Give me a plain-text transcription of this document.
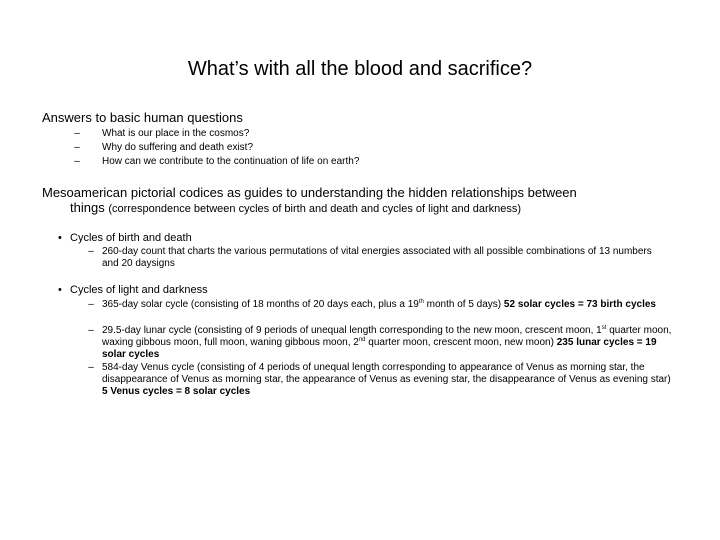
What’s with all the blood and sacrifice?
Answers to basic human questions
– What is our place in the cosmos?
– Why do suffering and death exist?
– How can we contribute to the continuation of life on earth?
Mesoamerican pictorial codices as guides to understanding the hidden relationships between
things (correspondence between cycles of birth and death and cycles of light and darkness)
• Cycles of birth and death
– 260-day count that charts the various permutations of vital energies associated with all possible combinations of 13 numbers and 20 daysigns
• Cycles of light and darkness
– 365-day solar cycle (consisting of 18 months of 20 days each, plus a 19th month of 5 days) 52 solar cycles = 73 birth cycles
– 29.5-day lunar cycle (consisting of 9 periods of unequal length corresponding to the new moon, crescent moon, 1st quarter moon, waxing gibbous moon, full moon, waning gibbous moon, 2nd quarter moon, crescent moon, new moon) 235 lunar cycles = 19 solar cycles
– 584-day Venus cycle (consisting of 4 periods of unequal length corresponding to appearance of Venus as morning star, the disappearance of Venus as morning star, the appearance of Venus as evening star, the disappearance of Venus as evening star) 5 Venus cycles = 8 solar cycles
